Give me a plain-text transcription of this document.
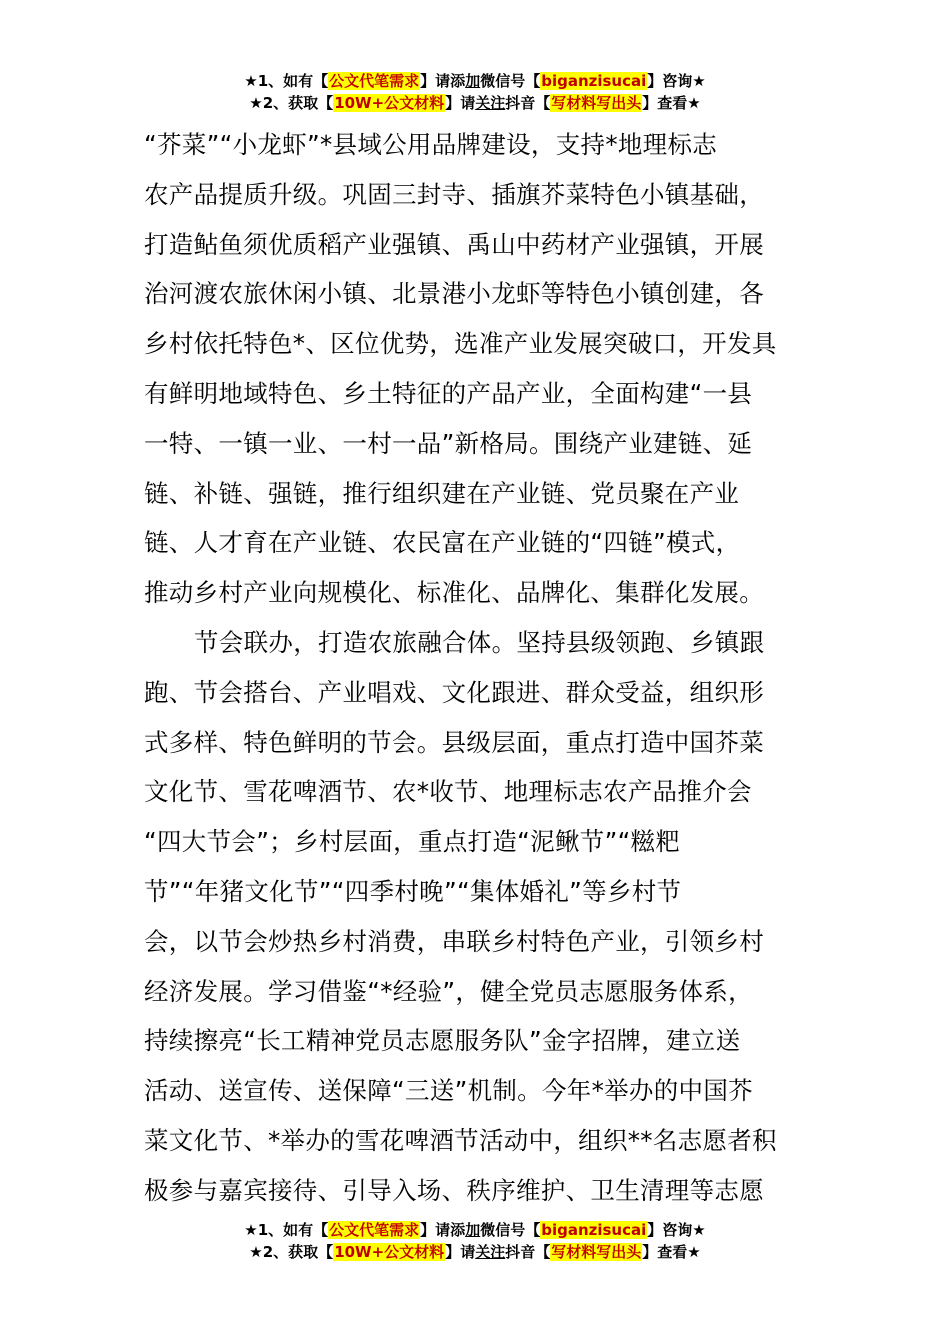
★1、如有【公文代笔需求】请添加微信号【biganzisucai】咨询★
★2、获取【10W+公文材料】请关注抖音【写材料写出头】查看★
“芥菜”“小龙虾”*县域公用品牌建设，支持*地理标志
农产品提质升级。巩固三封寺、插旗芥菜特色小镇基础，
打造鲇鱼须优质稻产业强镇、禹山中药材产业强镇，开展
治河渡农旅休闲小镇、北景港小龙虾等特色小镇创建，各
乡村依托特色*、区位优势，选准产业发展突破口，开发具
有鲜明地域特色、乡土特征的产品产业，全面构建“一县
一特、一镇一业、一村一品”新格局。围绕产业建链、延
链、补链、强链，推行组织建在产业链、党员聚在产业
链、人才育在产业链、农民富在产业链的“四链”模式，
推动乡村产业向规模化、标准化、品牌化、集群化发展。
节会联办，打造农旅融合体。坚持县级领跑、乡镇跟
跑、节会搭台、产业唱戏、文化跟进、群众受益，组织形
式多样、特色鲜明的节会。县级层面，重点打造中国芥菜
文化节、雪花啤酒节、农*收节、地理标志农产品推介会
“四大节会”；乡村层面，重点打造“泥鳅节”“糍粑
节”“年猪文化节”“四季村晚”“集体婚礼”等乡村节
会，以节会炒热乡村消费，串联乡村特色产业，引领乡村
经济发展。学习借鉴“*经验”，健全党员志愿服务体系，
持续擦亮“长工精神党员志愿服务队”金字招牌，建立送
活动、送宣传、送保障“三送”机制。今年*举办的中国芥
菜文化节、*举办的雪花啤酒节活动中，组织**名志愿者积
极参与嘉宾接待、引导入场、秩序维护、卫生清理等志愿
★1、如有【公文代笔需求】请添加微信号【biganzisucai】咨询★
★2、获取【10W+公文材料】请关注抖音【写材料写出头】查看★
